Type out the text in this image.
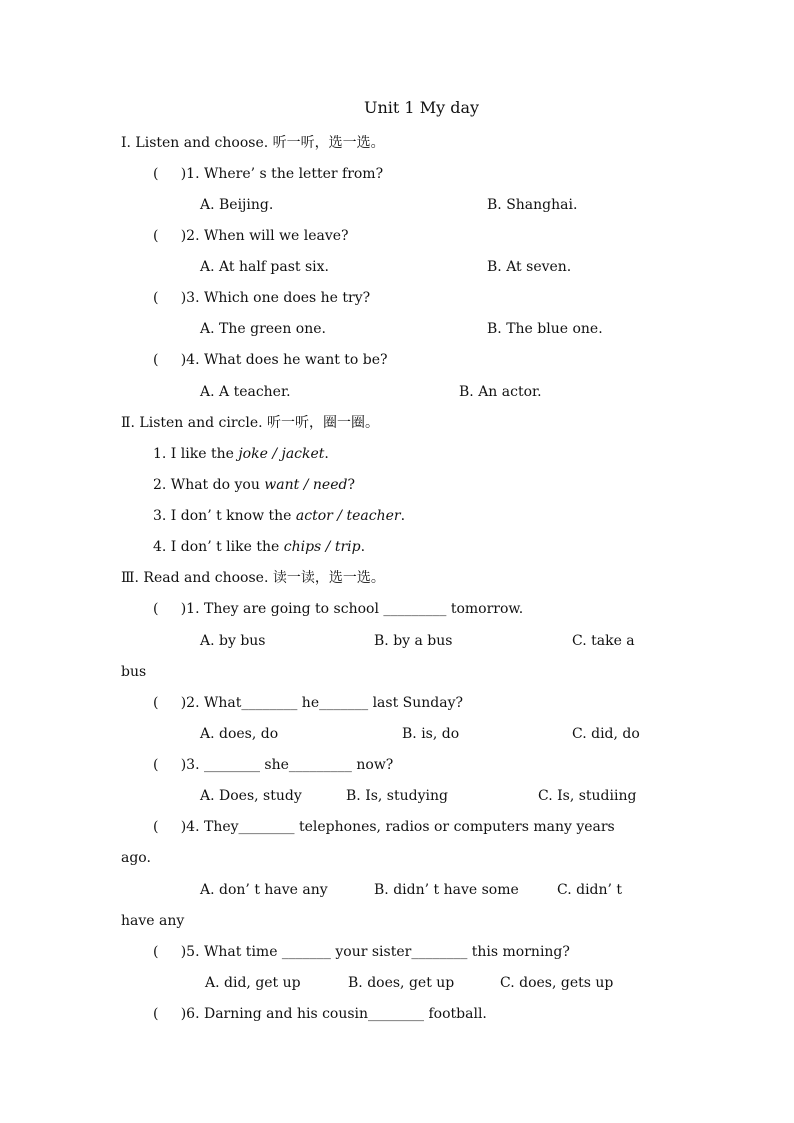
Unit 1 My day
Ⅰ. Listen and choose. 听一听，选一选。
(     )1. Where’ s the letter from?
A. Beijing.	B. Shanghai.
(     )2. When will we leave?
A. At half past six.	B. At seven.
(     )3. Which one does he try?
A. The green one.	B. The blue one.
(     )4. What does he want to be?
A. A teacher.	B. An actor.
Ⅱ. Listen and circle. 听一听，圈一圈。
1. I like the joke / jacket.
2. What do you want / need?
3. I don’ t know the actor / teacher.
4. I don’ t like the chips / trip.
Ⅲ. Read and choose. 读一读，选一选。
(     )1. They are going to school _________ tomorrow.
A. by bus	B. by a bus	C. take a
bus
(     )2. What________ he_______ last Sunday?
A. does, do	B. is, do	C. did, do
(     )3. ________ she_________ now?
A. Does, study	B. Is, studying	C. Is, studiing
(     )4. They________ telephones, radios or computers many years
ago.
A. don’ t have any	B. didn’ t have some	C. didn’ t
have any
(     )5. What time _______ your sister________ this morning?
A. did, get up	B. does, get up	C. does, gets up
(     )6. Darning and his cousin________ football.
